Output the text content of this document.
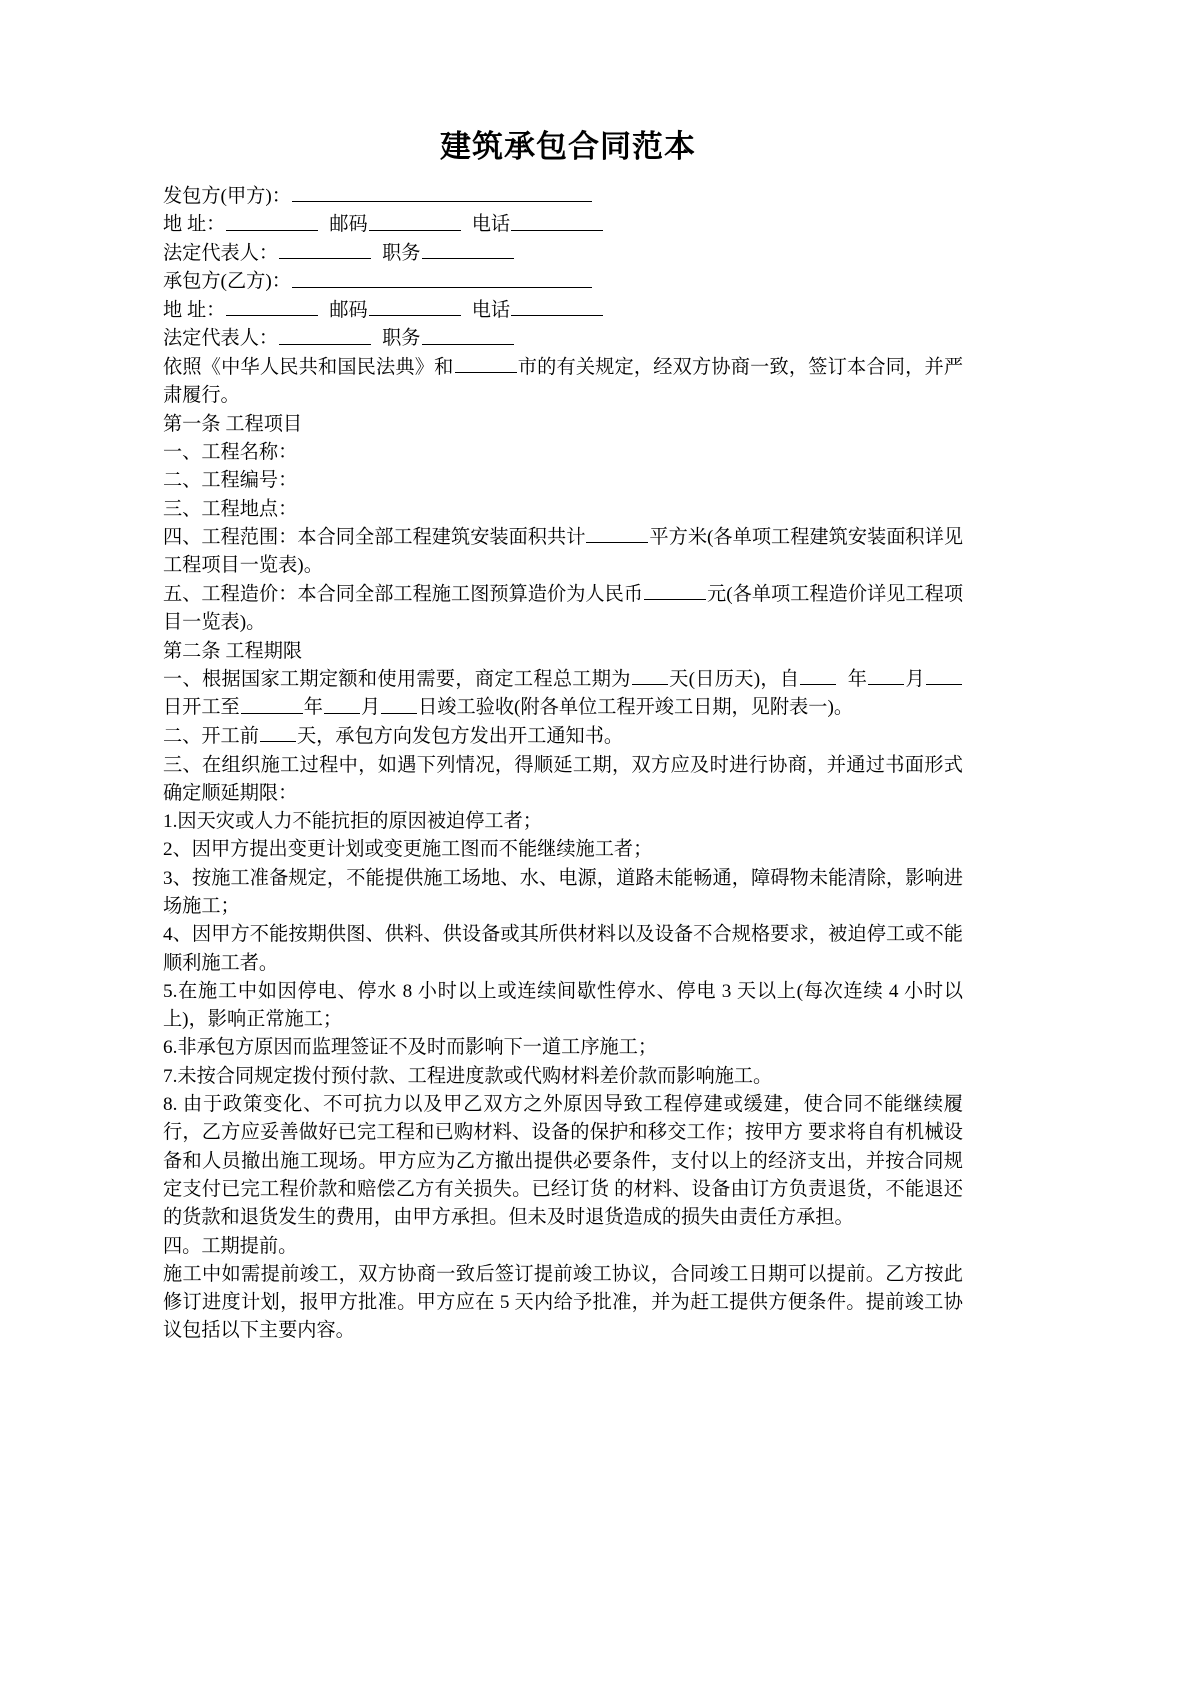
建筑承包合同范本

发包方(甲方)：

地 址：	邮码	电话

法定代表人：	职务

承包方(乙方)：

地 址：	邮码	电话

法定代表人：	职务

依照《中华人民共和国民法典》和	市的有关规定，经双方协商一致，签订本合同，并严肃履行。

第一条 工程项目

一、工程名称：

二、工程编号：

三、工程地点：

四、工程范围：本合同全部工程建筑安装面积共计	平方米(各单项工程建筑安装面积详见工程项目一览表)。

五、工程造价：本合同全部工程施工图预算造价为人民币	元(各单项工程造价详见工程项目一览表)。

第二条 工程期限

一、根据国家工期定额和使用需要，商定工程总工期为 天(日历天)，自	年 月日开工至	年 月 日竣工验收(附各单位工程开竣工日期，见附表一)。

二、开工前 天，承包方向发包方发出开工通知书。

三、在组织施工过程中，如遇下列情况，得顺延工期，双方应及时进行协商，并通过书面形式确定顺延期限：

1.因天灾或人力不能抗拒的原因被迫停工者；

2、因甲方提出变更计划或变更施工图而不能继续施工者；

3、按施工准备规定，不能提供施工场地、水、电源，道路未能畅通，障碍物未能清除，影响进场施工；

4、因甲方不能按期供图、供料、供设备或其所供材料以及设备不合规格要求，被迫停工或不能顺利施工者。

5.在施工中如因停电、停水 8 小时以上或连续间歇性停水、停电 3 天以上(每次连续 4 小时以上)，影响正常施工；

6.非承包方原因而监理签证不及时而影响下一道工序施工；

7.未按合同规定拨付预付款、工程进度款或代购材料差价款而影响施工。

8. 由于政策变化、不可抗力以及甲乙双方之外原因导致工程停建或缓建，使合同不能继续履行，乙方应妥善做好已完工程和已购材料、设备的保护和移交工作；按甲方 要求将自有机械设备和人员撤出施工现场。甲方应为乙方撤出提供必要条件，支付以上的经济支出，并按合同规定支付已完工程价款和赔偿乙方有关损失。已经订货 的材料、设备由订方负责退货，不能退还的货款和退货发生的费用，由甲方承担。但未及时退货造成的损失由责任方承担。

四。工期提前。

施工中如需提前竣工，双方协商一致后签订提前竣工协议，合同竣工日期可以提前。乙方按此修订进度计划，报甲方批准。甲方应在 5 天内给予批准，并为赶工提供方便条件。提前竣工协议包括以下主要内容。
